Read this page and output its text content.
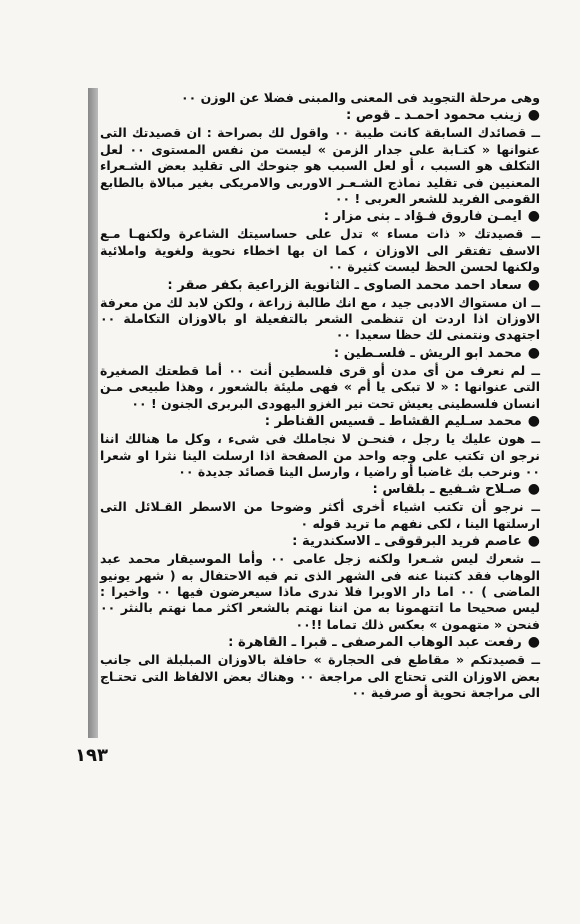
وهى مرحلة التجويد فى المعنى والمبنى فضلا عن الوزن ٠٠

●زينب محمود احمـد ـ قوص :

ــ قصائدك السابقة كانت طيبة ٠٠ واقول لك بصراحة : ان قصيدتك التى عنوانها « كتـابة على جدار الزمن » ليست من نفس المستوى ٠٠ لعل التكلف هو السبب ، أو لعل السبب هو جنوحك الى تقليد بعض الشـعراء المعنيين فى تقليد نماذج الشـعـر الاوربى والامريكى بغير مبالاة بالطابع القومى الفريد للشعر العربى ! ٠٠

●ايمـن فاروق فـؤاد ـ بنى مزار :

ــ قصيدتك « ذات مساء » تدل على حساسيتك الشاعرة ولكنهـا مـع الاسف تفتقر الى الاوزان ، كما ان بها اخطاء نحوية ولغوية واملائية ولكنها لحسن الحظ ليست كثيرة ٠٠

●سعاد احمد محمد الصاوى ـ الثانوية الزراعية بكفر صقر :

ــ ان مستواك الادبى جيد ، مع انك طالبة زراعة ، ولكن لابد لك من معرفة الاوزان اذا اردت ان تنظمى الشعر بالتفعيلة او بالاوزان التكاملة ٠٠ اجتهدى ونتمنى لك حظا سعيدا ٠٠

●محمد ابو الريش ـ فلسـطين :

ــ لم نعرف من أى مدن أو قرى فلسطين أنت ٠٠ أما قطعتك الصغيرة التى عنوانها : « لا تبكى يا أم » فهى مليئة بالشعور ، وهذا طبيعى مـن انسان فلسطينى يعيش تحت نير الغزو اليهودى البربرى الجنون ! ٠٠

●محمد سـليم القشاط ـ قسيس القناطر :

ــ هون عليك يا رجل ، فنحـن لا نجاملك فى شىء ، وكل ما هنالك اننا نرجو ان تكتب على وجه واحد من الصفحة اذا ارسلت الينا نثرا او شعرا ٠٠ ونرحب بك غاضبا أو راضيا ، وارسل الينا قصائد جديدة ٠٠

●صـلاح شـفيع ـ بلقاس :

ــ نرجو أن تكتب اشياء أخرى أكثر وضوحا من الاسطر القـلائل التى ارسلتها الينا ، لكى نفهم ما تريد قوله ٠

●عاصم فريد البرقوقى ـ الاسكندرية :

ــ شعرك ليس شـعرا ولكنه زجل عامى ٠٠ وأما الموسيقار محمد عبد الوهاب فقد كتبنا عنه فى الشهر الذى تم فيه الاحتفال به ( شهر يونيو الماضى ) ٠٠ اما دار الاوبرا فلا ندرى ماذا سيعرضون فيها ٠٠ واخيرا : ليس صحيحا ما اتتهمونا به من اننا نهتم بالشعر اكثر مما نهتم بالنثر ٠٠ فنحن « متهمون » بعكس ذلك تماما !!٠٠

●رفعت عبد الوهاب المرصفى ـ قبرا ـ القاهرة :

ــ قصيدتكم « مقاطع فى الحجارة » حافلة بالاوزان المبلبلة الى جانب بعض الاوزان التى تحتاج الى مراجعة ٠٠ وهناك بعض الالفاظ التى تحتـاج الى مراجعة نحوية أو صرفية ٠٠

١٩٣
